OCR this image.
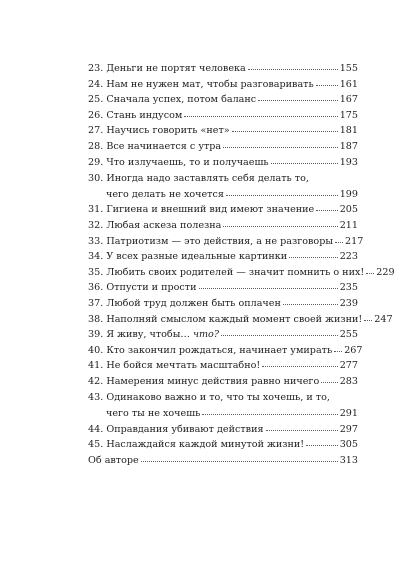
23. Деньги не портят человека	155
24. Нам не нужен мат, чтобы разговаривать	161
25. Сначала успех, потом баланс	167
26. Стань индусом	175
27. Научись говорить «нет»	181
28. Все начинается с утра	187
29. Что излучаешь, то и получаешь	193
30. Иногда надо заставлять себя делать то,
чего делать не хочется	199
31. Гигиена и внешний вид имеют значение	205
32. Любая аскеза полезна	211
33. Патриотизм — это действия, а не разговоры 217
34. У всех разные идеальные картинки	223
35. Любить своих родителей — значит помнить о них! 229
36. Отпусти и прости	235
37. Любой труд должен быть оплачен	239
38. Наполняй смыслом каждый момент своей жизни! 247
39. Я живу, чтобы… что?	255
40. Кто закончил рождаться, начинает умирать 267
41. Не бойся мечтать масштабно!	277
42. Намерения минус действия равно ничего 283
43. Одинаково важно и то, что ты хочешь, и то,
чего ты не хочешь	291
44. Оправдания убивают действия	297
45. Наслаждайся каждой минутой жизни!	305
Об авторе	313
